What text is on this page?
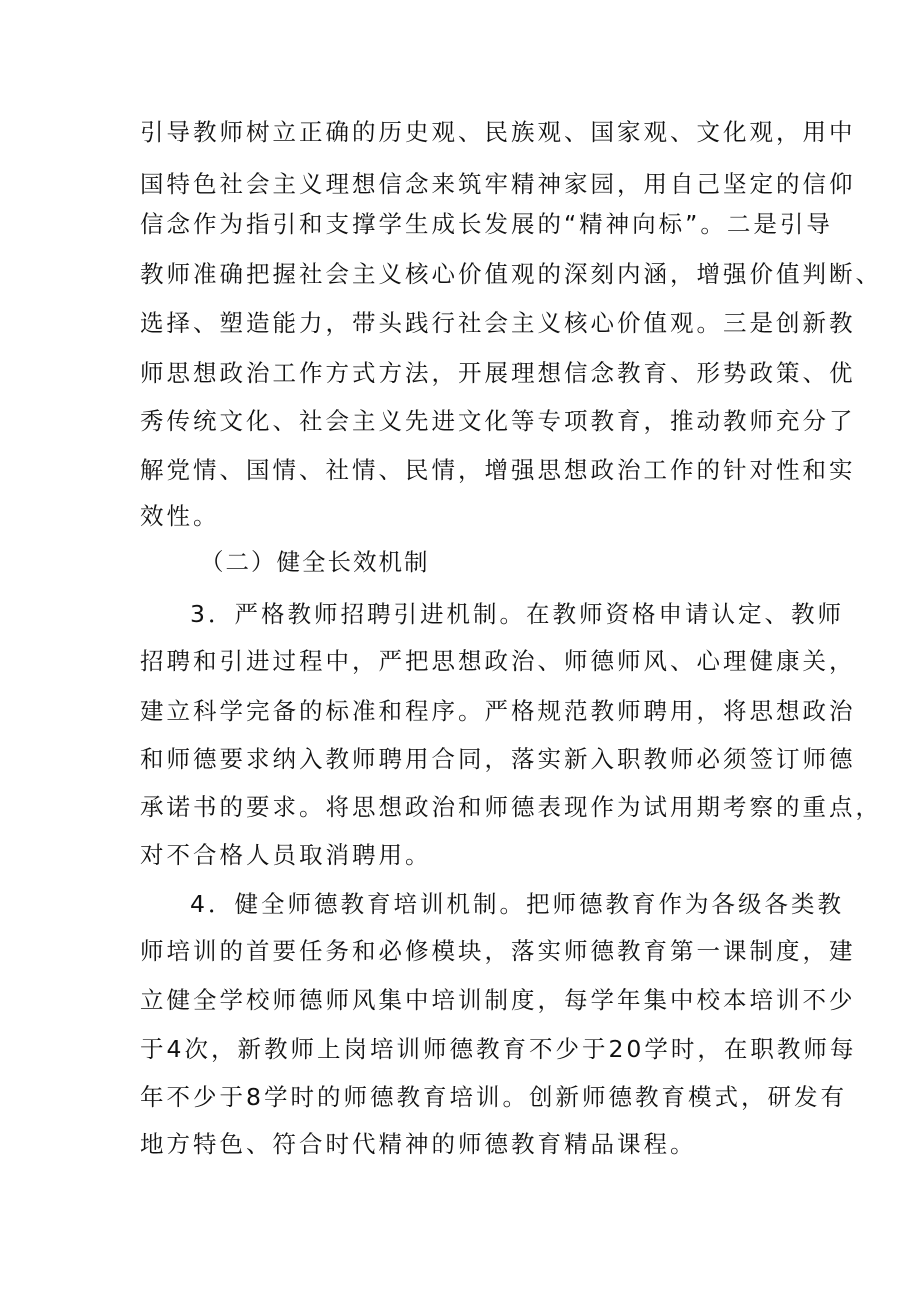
引导教师树立正确的历史观、民族观、国家观、文化观，用中
国特色社会主义理想信念来筑牢精神家园，用自己坚定的信仰
信念作为指引和支撑学生成长发展的“精神向标”。二是引导
教师准确把握社会主义核心价值观的深刻内涵，增强价值判断、
选择、塑造能力，带头践行社会主义核心价值观。三是创新教
师思想政治工作方式方法，开展理想信念教育、形势政策、优
秀传统文化、社会主义先进文化等专项教育，推动教师充分了
解党情、国情、社情、民情，增强思想政治工作的针对性和实
效性。
（二）健全长效机制
3．严格教师招聘引进机制。在教师资格申请认定、教师
招聘和引进过程中，严把思想政治、师德师风、心理健康关，
建立科学完备的标准和程序。严格规范教师聘用，将思想政治
和师德要求纳入教师聘用合同，落实新入职教师必须签订师德
承诺书的要求。将思想政治和师德表现作为试用期考察的重点，
对不合格人员取消聘用。
4．健全师德教育培训机制。把师德教育作为各级各类教
师培训的首要任务和必修模块，落实师德教育第一课制度，建
立健全学校师德师风集中培训制度，每学年集中校本培训不少
于4次，新教师上岗培训师德教育不少于20学时，在职教师每
年不少于8学时的师德教育培训。创新师德教育模式，研发有
地方特色、符合时代精神的师德教育精品课程。
